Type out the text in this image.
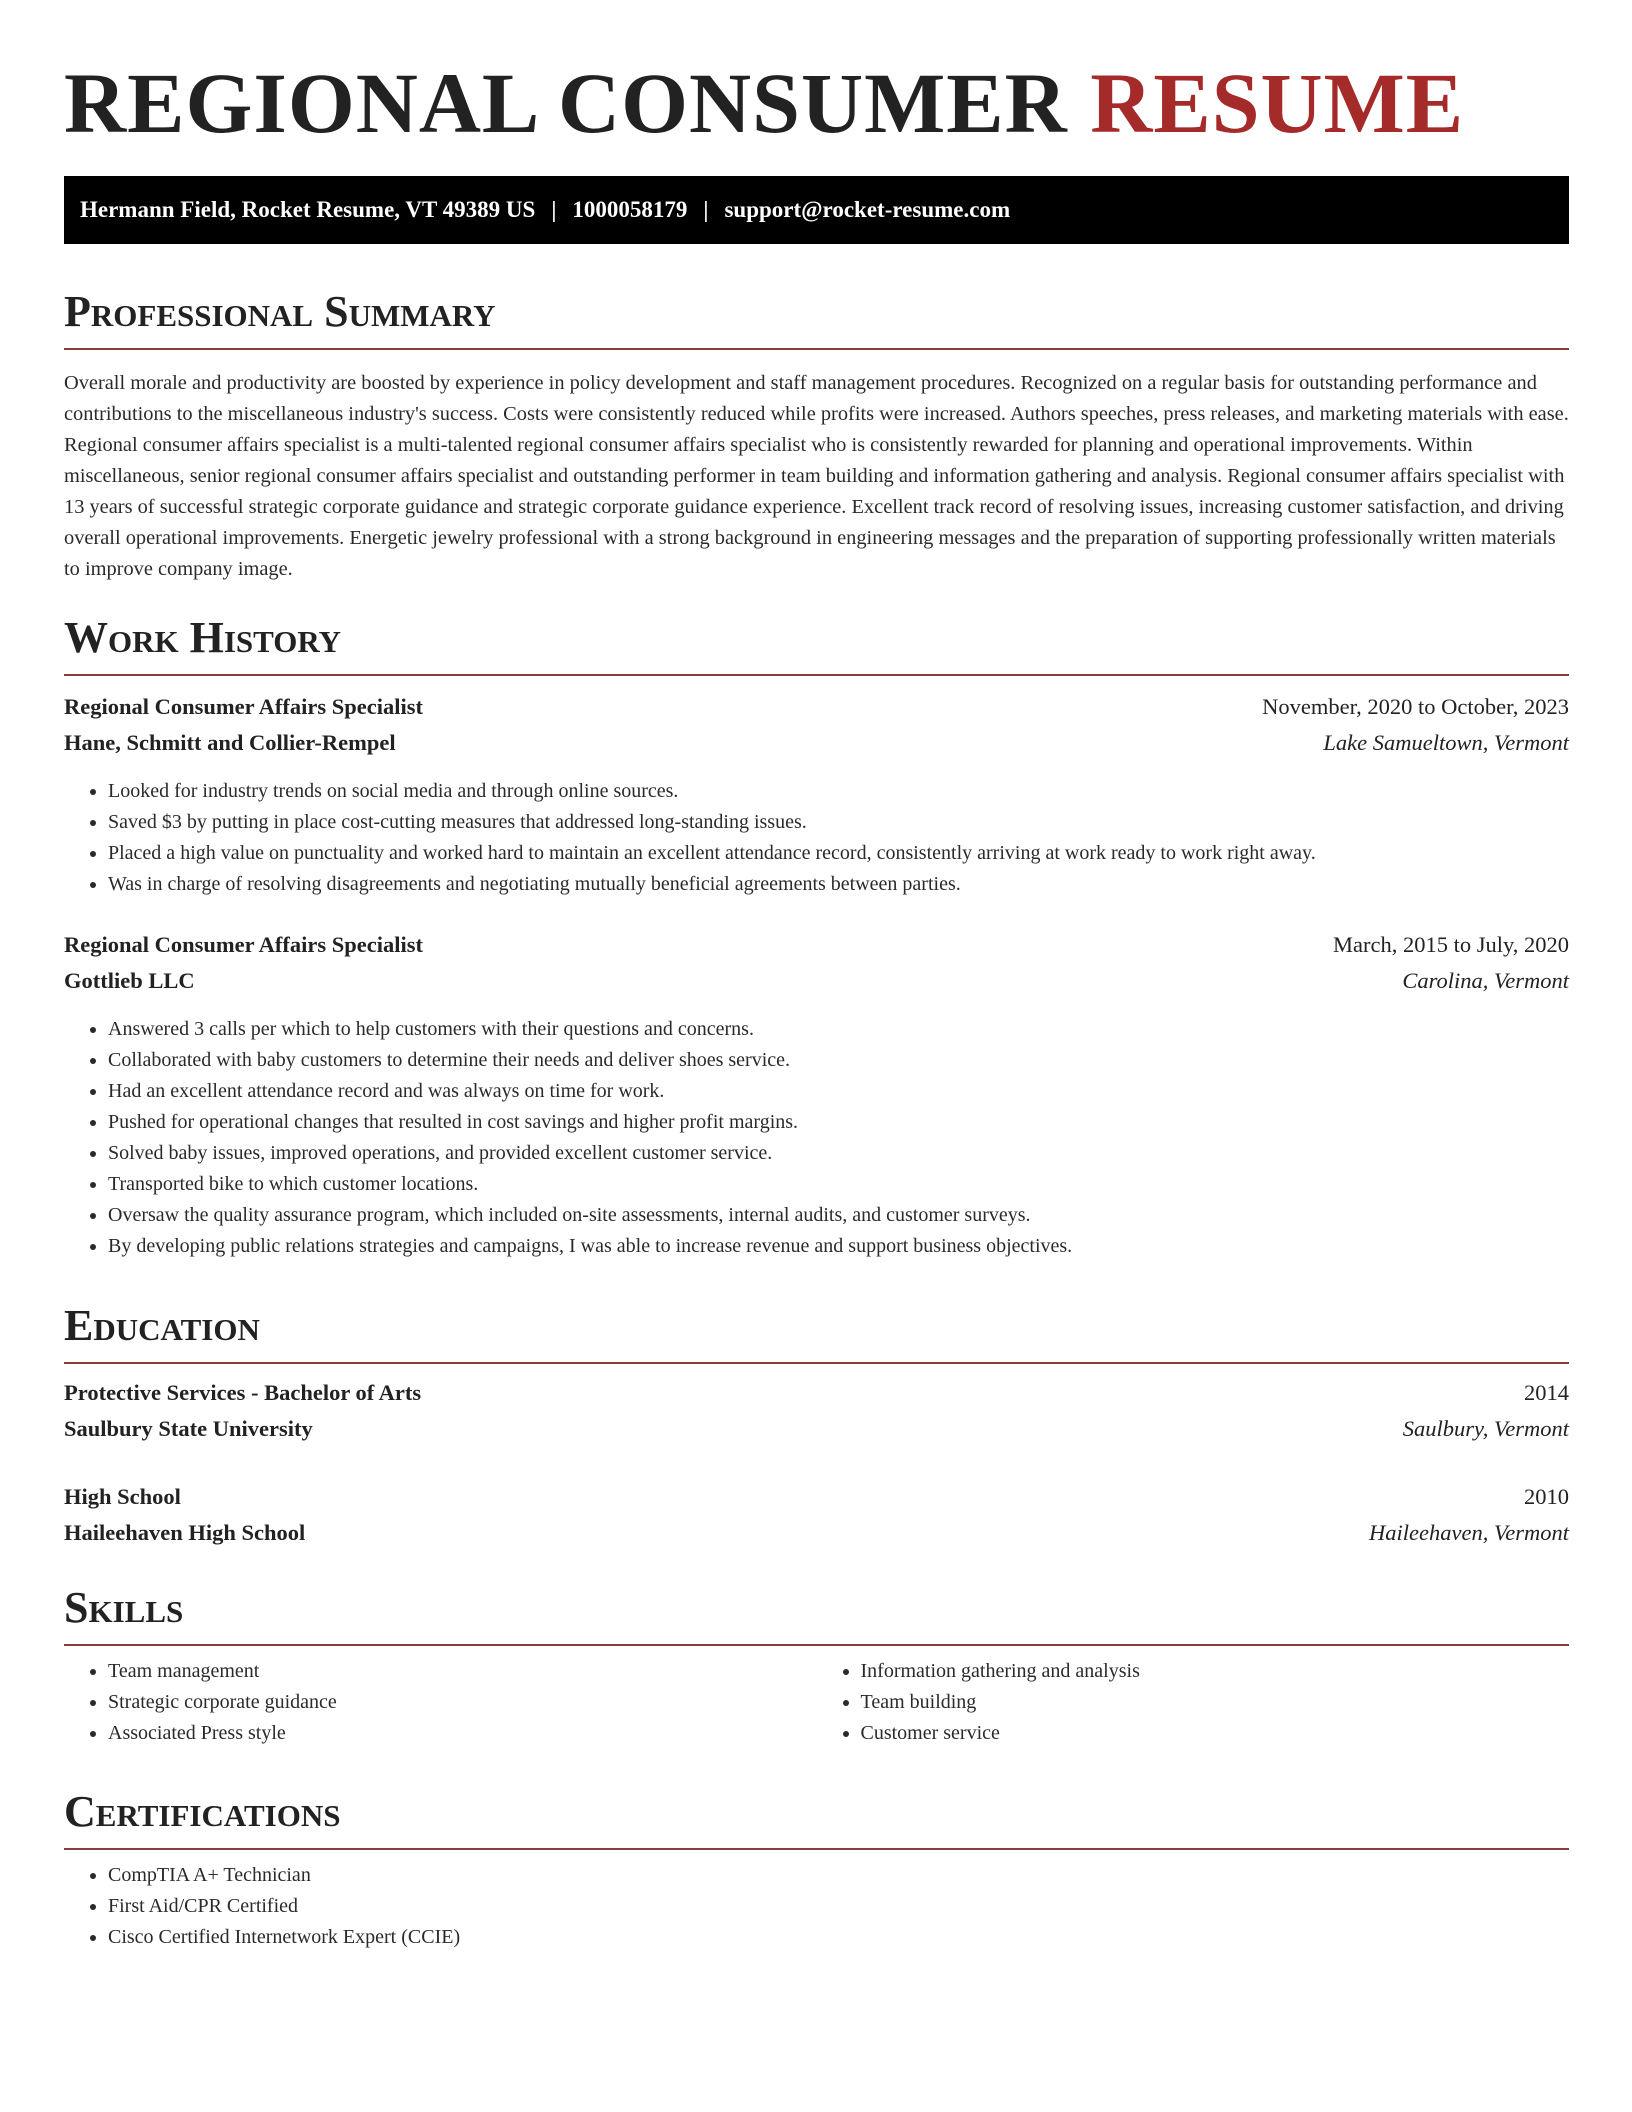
REGIONAL CONSUMER RESUME
Hermann Field, Rocket Resume, VT 49389 US | 1000058179 | support@rocket-resume.com
Professional Summary

Overall morale and productivity are boosted by experience in policy development and staff management procedures. Recognized on a regular basis for outstanding performance and contributions to the miscellaneous industry's success. Costs were consistently reduced while profits were increased. Authors speeches, press releases, and marketing materials with ease. Regional consumer affairs specialist is a multi-talented regional consumer affairs specialist who is consistently rewarded for planning and operational improvements. Within miscellaneous, senior regional consumer affairs specialist and outstanding performer in team building and information gathering and analysis. Regional consumer affairs specialist with 13 years of successful strategic corporate guidance and strategic corporate guidance experience. Excellent track record of resolving issues, increasing customer satisfaction, and driving overall operational improvements. Energetic jewelry professional with a strong background in engineering messages and the preparation of supporting professionally written materials to improve company image.

Work History
Regional Consumer Affairs Specialist	November, 2020 to October, 2023
Hane, Schmitt and Collier-Rempel	Lake Samueltown, Vermont
• Looked for industry trends on social media and through online sources.
• Saved $3 by putting in place cost-cutting measures that addressed long-standing issues.
• Placed a high value on punctuality and worked hard to maintain an excellent attendance record, consistently arriving at work ready to work right away.
• Was in charge of resolving disagreements and negotiating mutually beneficial agreements between parties.
Regional Consumer Affairs Specialist	March, 2015 to July, 2020
Gottlieb LLC	Carolina, Vermont
• Answered 3 calls per which to help customers with their questions and concerns.
• Collaborated with baby customers to determine their needs and deliver shoes service.
• Had an excellent attendance record and was always on time for work.
• Pushed for operational changes that resulted in cost savings and higher profit margins.
• Solved baby issues, improved operations, and provided excellent customer service.
• Transported bike to which customer locations.
• Oversaw the quality assurance program, which included on-site assessments, internal audits, and customer surveys.
• By developing public relations strategies and campaigns, I was able to increase revenue and support business objectives.
Education
Protective Services - Bachelor of Arts	2014
Saulbury State University	Saulbury, Vermont
High School	2010
Haileehaven High School	Haileehaven, Vermont
Skills
• Team management
• Strategic corporate guidance
• Associated Press style
• Information gathering and analysis
• Team building
• Customer service
Certifications
• CompTIA A+ Technician
• First Aid/CPR Certified
• Cisco Certified Internetwork Expert (CCIE)
